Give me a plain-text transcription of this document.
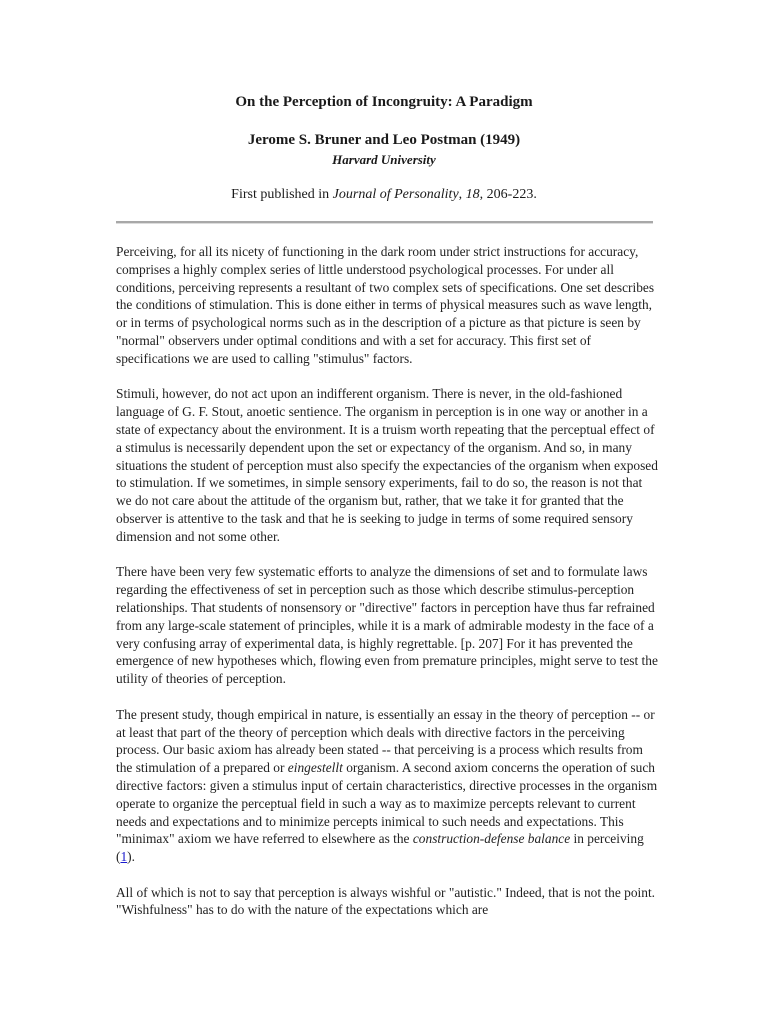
On the Perception of Incongruity: A Paradigm
Jerome S. Bruner and Leo Postman (1949)
Harvard University
First published in Journal of Personality, 18, 206-223.

Perceiving, for all its nicety of functioning in the dark room under strict instructions for accuracy, comprises a highly complex series of little understood psychological processes. For under all conditions, perceiving represents a resultant of two complex sets of specifications. One set describes the conditions of stimulation. This is done either in terms of physical measures such as wave length, or in terms of psychological norms such as in the description of a picture as that picture is seen by "normal" observers under optimal conditions and with a set for accuracy. This first set of specifications we are used to calling "stimulus" factors.

Stimuli, however, do not act upon an indifferent organism. There is never, in the old-fashioned language of G. F. Stout, anoetic sentience. The organism in perception is in one way or another in a state of expectancy about the environment. It is a truism worth repeating that the perceptual effect of a stimulus is necessarily dependent upon the set or expectancy of the organism. And so, in many situations the student of perception must also specify the expectancies of the organism when exposed to stimulation. If we sometimes, in simple sensory experiments, fail to do so, the reason is not that we do not care about the attitude of the organism but, rather, that we take it for granted that the observer is attentive to the task and that he is seeking to judge in terms of some required sensory dimension and not some other.

There have been very few systematic efforts to analyze the dimensions of set and to formulate laws regarding the effectiveness of set in perception such as those which describe stimulus-perception relationships. That students of nonsensory or "directive" factors in perception have thus far refrained from any large-scale statement of principles, while it is a mark of admirable modesty in the face of a very confusing array of experimental data, is highly regrettable. [p. 207] For it has prevented the emergence of new hypotheses which, flowing even from premature principles, might serve to test the utility of theories of perception.

The present study, though empirical in nature, is essentially an essay in the theory of perception -- or at least that part of the theory of perception which deals with directive factors in the perceiving process. Our basic axiom has already been stated -- that perceiving is a process which results from the stimulation of a prepared or eingestellt organism. A second axiom concerns the operation of such directive factors: given a stimulus input of certain characteristics, directive processes in the organism operate to organize the perceptual field in such a way as to maximize percepts relevant to current needs and expectations and to minimize percepts inimical to such needs and expectations. This "minimax" axiom we have referred to elsewhere as the construction-defense balance in perceiving (1).

All of which is not to say that perception is always wishful or "autistic." Indeed, that is not the point. "Wishfulness" has to do with the nature of the expectations which are
